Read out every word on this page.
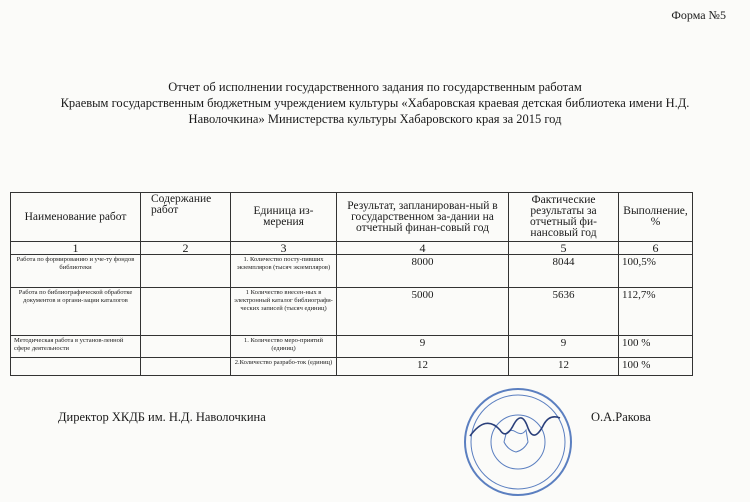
Форма №5
Отчет об исполнении государственного задания по государственным работам
Краевым государственным бюджетным учреждением культуры «Хабаровская краевая детская библиотека имени Н.Д.
Наволочкина» Министерства культуры Хабаровского края за 2015 год
Наименование работ	Содержание работ	Единица из-мерения	Результат, запланирован-ный в государственном за-дании на отчетный финан-совый год	Фактические результаты за отчетный фи-нансовый год	Выполнение, %
1	2	3	4	5	6
Работа по формированию и уче-ту фондов библиотеки		1. Количество посту-пивших экземпляров (тысяч экземпляров)	8000	8044	100,5%
Работа по библиографической обработке документов и органи-зации каталогов		1 Количество внесен-ных в электронный каталог библиографи-ческих записей (тысяч единиц)	5000	5636	112,7%
Методическая работа в установ-ленной сфере деятельности		1. Количество меро-приятий (единиц)	9	9	100 %
		2.Количество разрабо-ток (единиц)	12	12	100 %
Директор ХКДБ им. Н.Д. Наволочкина	О.А.Ракова
